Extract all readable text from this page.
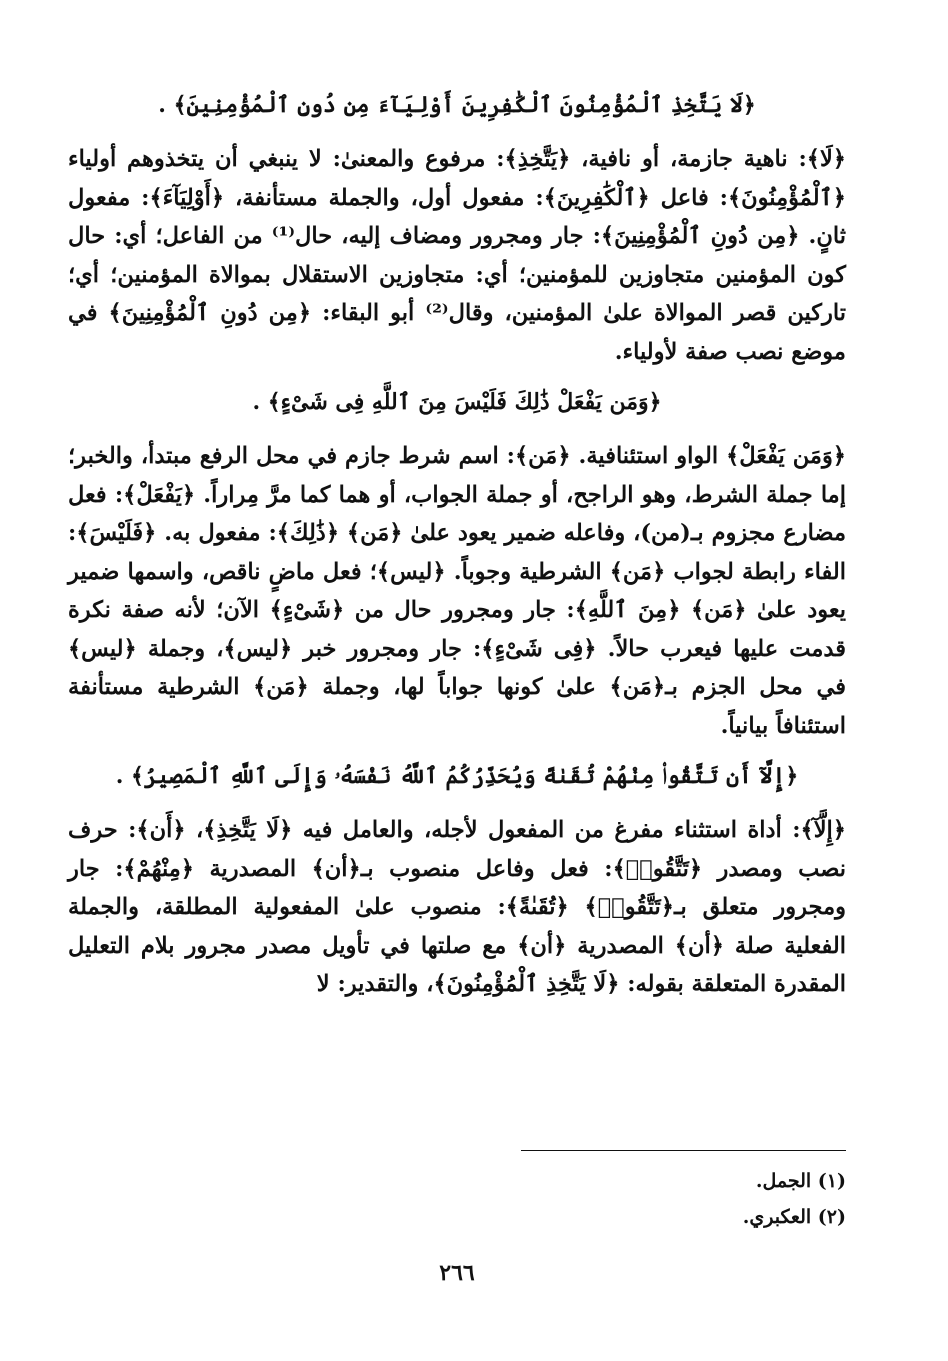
﴿لَا يَتَّخِذِ ٱلْمُؤْمِنُونَ ٱلْكَٰفِرِينَ أَوْلِيَآءَ مِن دُونِ ٱلْمُؤْمِنِينَ﴾ .

﴿لَا﴾: ناهية جازمة، أو نافية، ﴿يَتَّخِذِ﴾: مرفوع والمعنىٰ: لا ينبغي أن يتخذوهم أولياء ﴿ٱلْمُؤْمِنُونَ﴾: فاعل ﴿ٱلْكَٰفِرِينَ﴾: مفعول أول، والجملة مستأنفة، ﴿أَوْلِيَآءَ﴾: مفعول ثانٍ. ﴿مِن دُونِ ٱلْمُؤْمِنِينَ﴾: جار ومجرور ومضاف إليه، حال⁽¹⁾ من الفاعل؛ أي: حال كون المؤمنين متجاوزين للمؤمنين؛ أي: متجاوزين الاستقلال بموالاة المؤمنين؛ أي؛ تاركين قصر الموالاة علىٰ المؤمنين، وقال⁽²⁾ أبو البقاء: ﴿مِن دُونِ ٱلْمُؤْمِنِينَ﴾ في موضع نصب صفة لأولياء.

﴿وَمَن يَفْعَلْ ذَٰلِكَ فَلَيْسَ مِنَ ٱللَّهِ فِى شَىْءٍ﴾ .

﴿وَمَن يَفْعَلْ﴾ الواو استئنافية. ﴿مَن﴾: اسم شرط جازم في محل الرفع مبتدأ، والخبر؛ إما جملة الشرط، وهو الراجح، أو جملة الجواب، أو هما كما مرَّ مِراراً. ﴿يَفْعَلْ﴾: فعل مضارع مجزوم بـ(من)، وفاعله ضمير يعود علىٰ ﴿مَن﴾ ﴿ذَٰلِكَ﴾: مفعول به. ﴿فَلَيْسَ﴾: الفاء رابطة لجواب ﴿مَن﴾ الشرطية وجوباً. ﴿ليس﴾؛ فعل ماضٍ ناقص، واسمها ضمير يعود علىٰ ﴿مَن﴾ ﴿مِنَ ٱللَّهِ﴾: جار ومجرور حال من ﴿شَىْءٍ﴾ الآن؛ لأنه صفة نكرة قدمت عليها فيعرب حالاً. ﴿فِى شَىْءٍ﴾: جار ومجرور خبر ﴿ليس﴾، وجملة ﴿ليس﴾ في محل الجزم بـ﴿مَن﴾ علىٰ كونها جواباً لها، وجملة ﴿مَن﴾ الشرطية مستأنفة استئنافاً بيانياً.

﴿إِلَّآ أَن تَتَّقُوا۟ مِنْهُمْ تُقَىٰةً وَيُحَذِّرُكُمُ ٱللَّهُ نَفْسَهُۥ وَإِلَى ٱللَّهِ ٱلْمَصِيرُ﴾ .

﴿إِلَّآ﴾: أداة استثناء مفرغ من المفعول لأجله، والعامل فيه ﴿لَا يَتَّخِذِ﴾، ﴿أَن﴾: حرف نصب ومصدر ﴿تَتَّقُوا۟﴾: فعل وفاعل منصوب بـ﴿أن﴾ المصدرية ﴿مِنْهُمْ﴾: جار ومجرور متعلق بـ﴿تَتَّقُوا۟﴾ ﴿تُقَىٰةً﴾: منصوب علىٰ المفعولية المطلقة، والجملة الفعلية صلة ﴿أن﴾ المصدرية ﴿أن﴾ مع صلتها في تأويل مصدر مجرور بلام التعليل المقدرة المتعلقة بقوله: ﴿لَا يَتَّخِذِ ٱلْمُؤْمِنُونَ﴾، والتقدير: لا

(١) الجمل.

(٢) العكبري.

٢٦٦
